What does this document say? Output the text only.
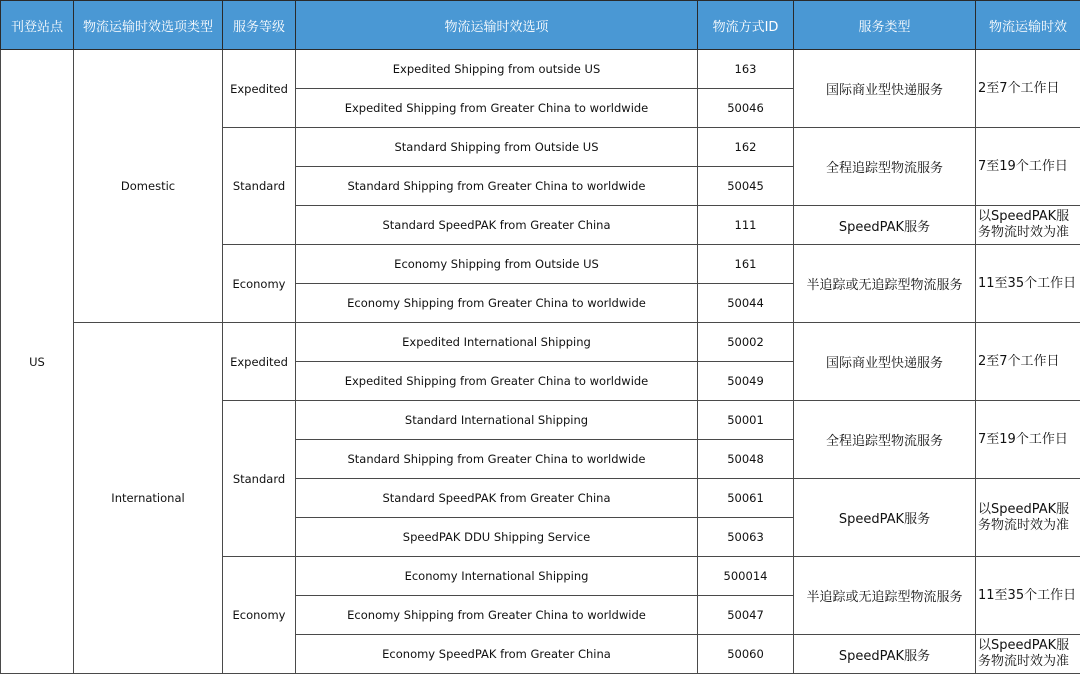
刊登站点	物流运输时效选项类型	服务等级	物流运输时效选项	物流方式ID	服务类型	物流运输时效
US	Domestic	Expedited	Expedited Shipping from outside US	163	国际商业型快递服务	2至7个工作日
			Expedited Shipping from Greater China to worldwide	50046		
		Standard	Standard Shipping from Outside US	162	全程追踪型物流服务	7至19个工作日
			Standard Shipping from Greater China to worldwide	50045		
			Standard SpeedPAK from Greater China	111	SpeedPAK服务	以SpeedPAK服务物流时效为准
		Economy	Economy Shipping from Outside US	161	半追踪或无追踪型物流服务	11至35个工作日
			Economy Shipping from Greater China to worldwide	50044		
	International	Expedited	Expedited International Shipping	50002	国际商业型快递服务	2至7个工作日
			Expedited Shipping from Greater China to worldwide	50049		
		Standard	Standard International Shipping	50001	全程追踪型物流服务	7至19个工作日
			Standard Shipping from Greater China to worldwide	50048		
			Standard SpeedPAK from Greater China	50061	SpeedPAK服务	以SpeedPAK服务物流时效为准
			SpeedPAK DDU Shipping Service	50063		
		Economy	Economy International Shipping	500014	半追踪或无追踪型物流服务	11至35个工作日
			Economy Shipping from Greater China to worldwide	50047		
			Economy SpeedPAK from Greater China	50060	SpeedPAK服务	以SpeedPAK服务物流时效为准
